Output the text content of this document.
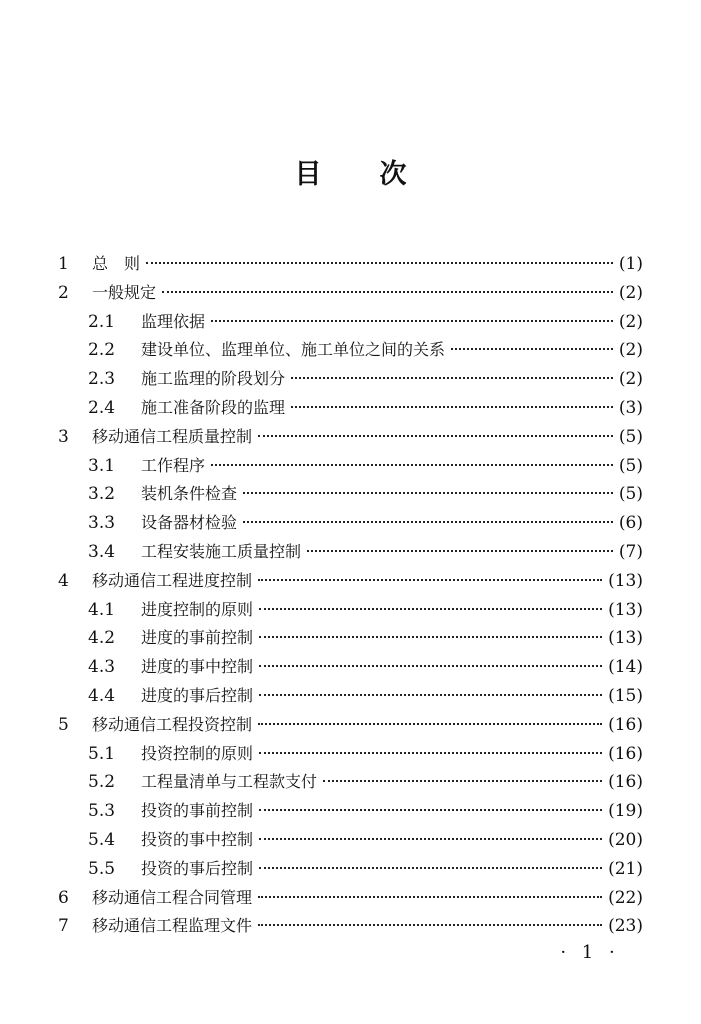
目次
1 总　则	(1)
2 一般规定	(2)
2.1 监理依据	(2)
2.2 建设单位、监理单位、施工单位之间的关系	(2)
2.3 施工监理的阶段划分	(2)
2.4 施工准备阶段的监理	(3)
3 移动通信工程质量控制	(5)
3.1 工作程序	(5)
3.2 装机条件检查	(5)
3.3 设备器材检验	(6)
3.4 工程安装施工质量控制	(7)
4 移动通信工程进度控制	(13)
4.1 进度控制的原则	(13)
4.2 进度的事前控制	(13)
4.3 进度的事中控制	(14)
4.4 进度的事后控制	(15)
5 移动通信工程投资控制	(16)
5.1 投资控制的原则	(16)
5.2 工程量清单与工程款支付	(16)
5.3 投资的事前控制	(19)
5.4 投资的事中控制	(20)
5.5 投资的事后控制	(21)
6 移动通信工程合同管理	(22)
7 移动通信工程监理文件	(23)
· 1 ·
